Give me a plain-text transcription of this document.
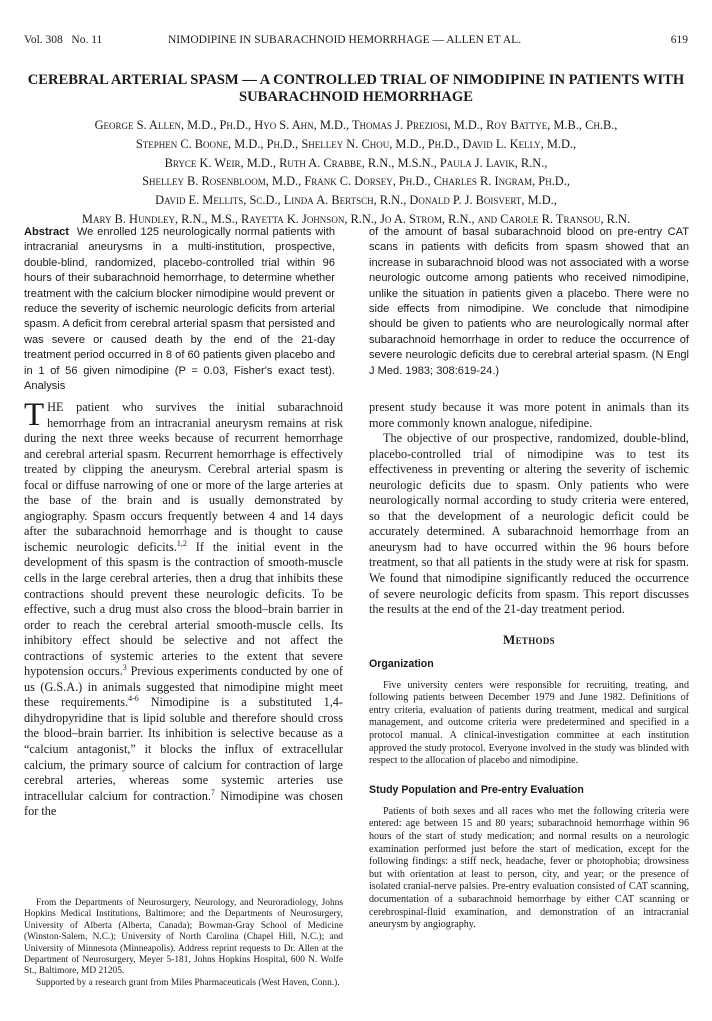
Vol. 308   No. 11	NIMODIPINE IN SUBARACHNOID HEMORRHAGE — ALLEN ET AL.	619
CEREBRAL ARTERIAL SPASM — A CONTROLLED TRIAL OF NIMODIPINE IN PATIENTS WITH SUBARACHNOID HEMORRHAGE
George S. Allen, M.D., Ph.D., Hyo S. Ahn, M.D., Thomas J. Preziosi, M.D., Roy Battye, M.B., Ch.B.,
Stephen C. Boone, M.D., Ph.D., Shelley N. Chou, M.D., Ph.D., David L. Kelly, M.D.,
Bryce K. Weir, M.D., Ruth A. Crabbe, R.N., M.S.N., Paula J. Lavik, R.N.,
Shelley B. Rosenbloom, M.D., Frank C. Dorsey, Ph.D., Charles R. Ingram, Ph.D.,
David E. Mellits, Sc.D., Linda A. Bertsch, R.N., Donald P. J. Boisvert, M.D.,
Mary B. Hundley, R.N., M.S., Rayetta K. Johnson, R.N., Jo A. Strom, R.N., and Carole R. Transou, R.N.

Abstract We enrolled 125 neurologically normal patients with intracranial aneurysms in a multi-institution, prospective, double-blind, randomized, placebo-controlled trial within 96 hours of their subarachnoid hemorrhage, to determine whether treatment with the calcium blocker nimodipine would prevent or reduce the severity of ischemic neurologic deficits from arterial spasm. A deficit from cerebral arterial spasm that persisted and was severe or caused death by the end of the 21-day treatment period occurred in 8 of 60 patients given placebo and in 1 of 56 given nimodipine (P = 0.03, Fisher's exact test). Analysis

of the amount of basal subarachnoid blood on pre-entry CAT scans in patients with deficits from spasm showed that an increase in subarachnoid blood was not associated with a worse neurologic outcome among patients who received nimodipine, unlike the situation in patients given a placebo. There were no side effects from nimodipine. We conclude that nimodipine should be given to patients who are neurologically normal after subarachnoid hemorrhage in order to reduce the occurrence of severe neurologic deficits due to cerebral arterial spasm. (N Engl J Med. 1983; 308:619-24.)

THE patient who survives the initial subarachnoid hemorrhage from an intracranial aneurysm remains at risk during the next three weeks because of recurrent hemorrhage and cerebral arterial spasm. Recurrent hemorrhage is effectively treated by clipping the aneurysm. Cerebral arterial spasm is focal or diffuse narrowing of one or more of the large arteries at the base of the brain and is usually demonstrated by angiography. Spasm occurs frequently between 4 and 14 days after the subarachnoid hemorrhage and is thought to cause ischemic neurologic deficits.$^{1,2}$ If the initial event in the development of this spasm is the contraction of smooth-muscle cells in the large cerebral arteries, then a drug that inhibits these contractions should prevent these neurologic deficits. To be effective, such a drug must also cross the blood–brain barrier in order to reach the cerebral arterial smooth-muscle cells. Its inhibitory effect should be selective and not affect the contractions of systemic arteries to the extent that severe hypotension occurs.$^3$ Previous experiments conducted by one of us (G.S.A.) in animals suggested that nimodipine might meet these requirements.$^{4-6}$ Nimodipine is a substituted 1,4-dihydropyridine that is lipid soluble and therefore should cross the blood–brain barrier. Its inhibition is selective because as a “calcium antagonist,” it blocks the influx of extracellular calcium, the primary source of calcium for contraction of large cerebral arteries, whereas some systemic arteries use intracellular calcium for contraction.$^7$ Nimodipine was chosen for the

present study because it was more potent in animals than its more commonly known analogue, nifedipine.

The objective of our prospective, randomized, double-blind, placebo-controlled trial of nimodipine was to test its effectiveness in preventing or altering the severity of ischemic neurologic deficits due to spasm. Only patients who were neurologically normal according to study criteria were entered, so that the development of a neurologic deficit could be accurately determined. A subarachnoid hemorrhage from an aneurysm had to have occurred within the 96 hours before treatment, so that all patients in the study were at risk for spasm. We found that nimodipine significantly reduced the occurrence of severe neurologic deficits from spasm. This report discusses the results at the end of the 21-day treatment period.

Methods
Organization

Five university centers were responsible for recruiting, treating, and following patients between December 1979 and June 1982. Definitions of entry criteria, evaluation of patients during treatment, medical and surgical management, and outcome criteria were predetermined and specified in a protocol manual. A clinical-investigation committee at each institution approved the study protocol. Everyone involved in the study was blinded with respect to the allocation of placebo and nimodipine.

Study Population and Pre-entry Evaluation

Patients of both sexes and all races who met the following criteria were entered: age between 15 and 80 years; subarachnoid hemorrhage within 96 hours of the start of study medication; and normal results on a neurologic examination performed just before the start of medication, except for the following findings: a stiff neck, headache, fever or photophobia; drowsiness but with orientation at least to person, city, and year; or the presence of isolated cranial-nerve palsies. Pre-entry evaluation consisted of CAT scanning, documentation of a subarachnoid hemorrhage by either CAT scanning or cerebrospinal-fluid examination, and demonstration of an intracranial aneurysm by angiography.

From the Departments of Neurosurgery, Neurology, and Neuroradiology, Johns Hopkins Medical Institutions, Baltimore; and the Departments of Neurosurgery, University of Alberta (Alberta, Canada); Bowman-Gray School of Medicine (Winston-Salem, N.C.); University of North Carolina (Chapel Hill, N.C.); and University of Minnesota (Minneapolis). Address reprint requests to Dr. Allen at the Department of Neurosurgery, Meyer 5-181, Johns Hopkins Hospital, 600 N. Wolfe St., Baltimore, MD 21205.

Supported by a research grant from Miles Pharmaceuticals (West Haven, Conn.).
